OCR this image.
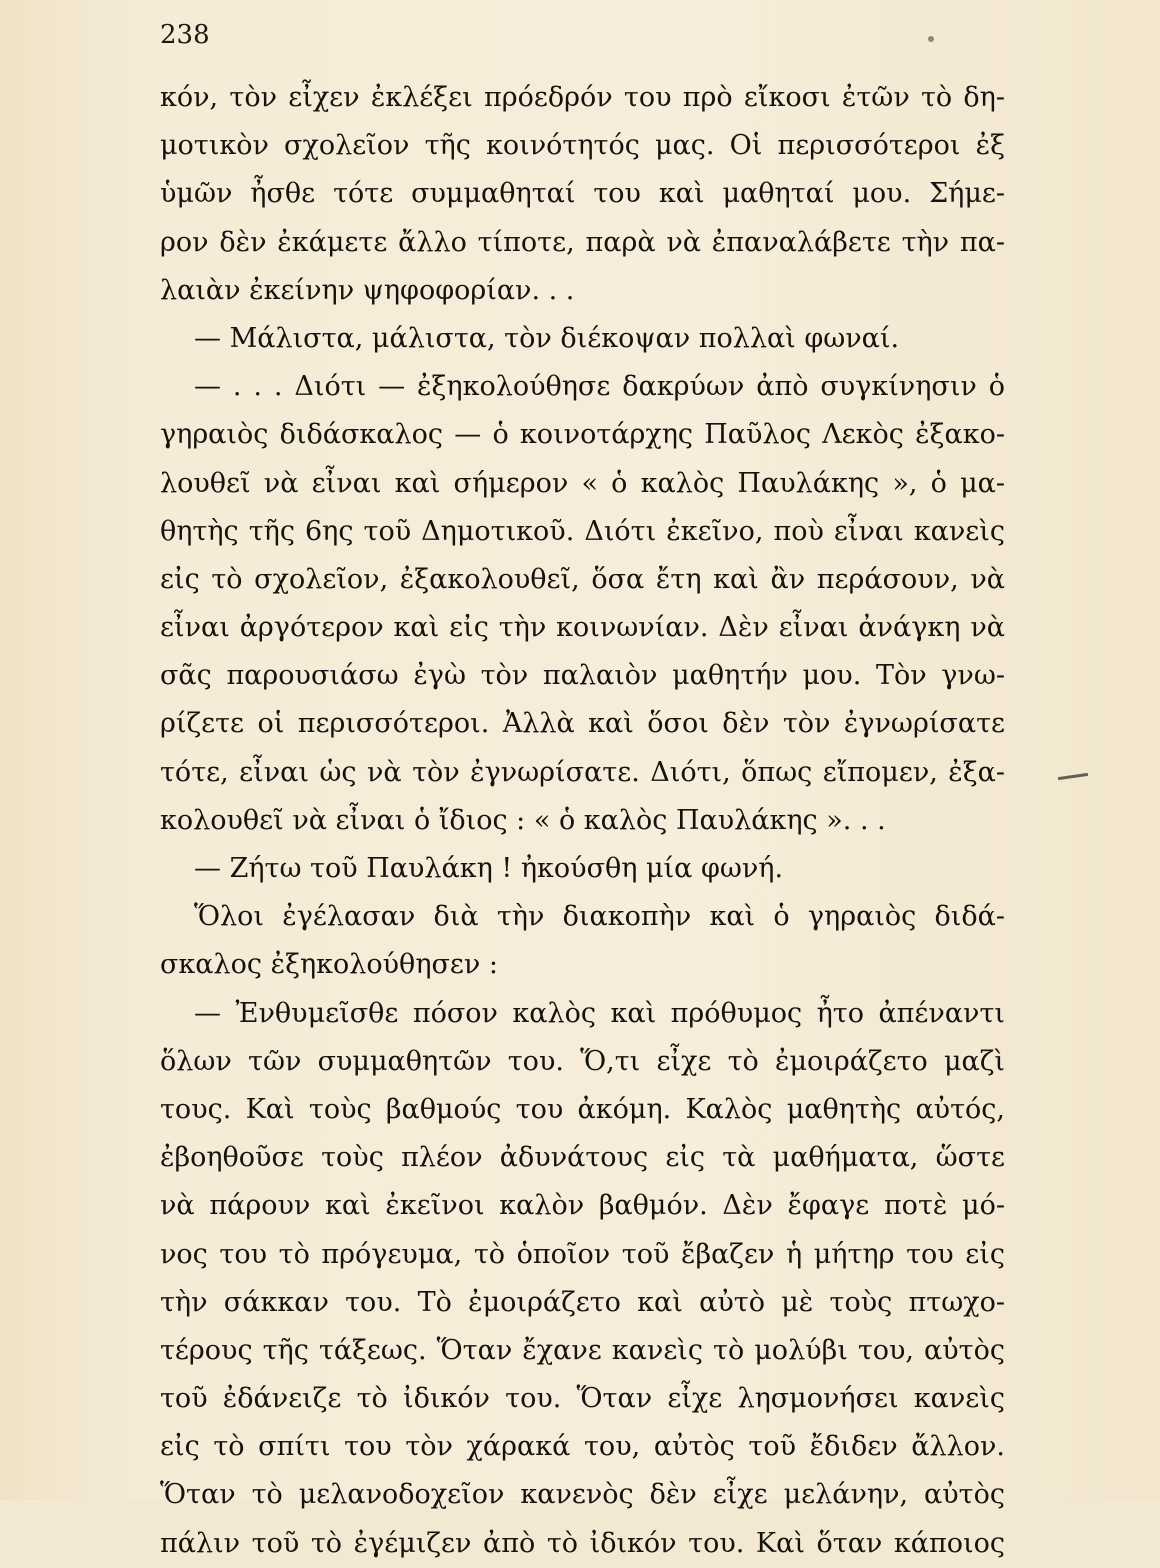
238
κόν, τὸν εἶχεν ἐκλέξει πρόεδρόν του πρὸ εἴκοσι ἐτῶν τὸ δη-
μοτικὸν σχολεῖον τῆς κοινότητός μας. Οἱ περισσότεροι ἐξ
ὑμῶν ἦσθε τότε συμμαθηταί του καὶ μαθηταί μου. Σήμε-
ρον δὲν ἐκάμετε ἄλλο τίποτε, παρὰ νὰ ἐπαναλάβετε τὴν πα-
λαιὰν ἐκείνην ψηφοφορίαν. . .
— Μάλιστα, μάλιστα, τὸν διέκοψαν πολλαὶ φωναί.
— . . . Διότι — ἐξηκολούθησε δακρύων ἀπὸ συγκίνησιν ὁ
γηραιὸς διδάσκαλος — ὁ κοινοτάρχης Παῦλος Λεκὸς ἐξακο-
λουθεῖ νὰ εἶναι καὶ σήμερον « ὁ καλὸς Παυλάκης », ὁ μα-
θητὴς τῆς 6ης τοῦ Δημοτικοῦ. Διότι ἐκεῖνο, ποὺ εἶναι κανεὶς
εἰς τὸ σχολεῖον, ἐξακολουθεῖ, ὅσα ἔτη καὶ ἂν περάσουν, νὰ
εἶναι ἀργότερον καὶ εἰς τὴν κοινωνίαν. Δὲν εἶναι ἀνάγκη νὰ
σᾶς παρουσιάσω ἐγὼ τὸν παλαιὸν μαθητήν μου. Τὸν γνω-
ρίζετε οἱ περισσότεροι. Ἀλλὰ καὶ ὅσοι δὲν τὸν ἐγνωρίσατε
τότε, εἶναι ὡς νὰ τὸν ἐγνωρίσατε. Διότι, ὅπως εἴπομεν, ἐξα-
κολουθεῖ νὰ εἶναι ὁ ἴδιος : « ὁ καλὸς Παυλάκης ». . .
— Ζήτω τοῦ Παυλάκη ! ἠκούσθη μία φωνή.
Ὅλοι ἐγέλασαν διὰ τὴν διακοπὴν καὶ ὁ γηραιὸς διδά-
σκαλος ἐξηκολούθησεν :
— Ἐνθυμεῖσθε πόσον καλὸς καὶ πρόθυμος ἦτο ἀπέναντι
ὅλων τῶν συμμαθητῶν του. Ὅ,τι εἶχε τὸ ἐμοιράζετο μαζὶ
τους. Καὶ τοὺς βαθμούς του ἀκόμη. Καλὸς μαθητὴς αὐτός,
ἐβοηθοῦσε τοὺς πλέον ἀδυνάτους εἰς τὰ μαθήματα, ὥστε
νὰ πάρουν καὶ ἐκεῖνοι καλὸν βαθμόν. Δὲν ἔφαγε ποτὲ μό-
νος του τὸ πρόγευμα, τὸ ὁποῖον τοῦ ἔβαζεν ἡ μήτηρ του εἰς
τὴν σάκκαν του. Τὸ ἐμοιράζετο καὶ αὐτὸ μὲ τοὺς πτωχο-
τέρους τῆς τάξεως. Ὅταν ἔχανε κανεὶς τὸ μολύβι του, αὐτὸς
τοῦ ἐδάνειζε τὸ ἰδικόν του. Ὅταν εἶχε λησμονήσει κανεὶς
εἰς τὸ σπίτι του τὸν χάρακά του, αὐτὸς τοῦ ἔδιδεν ἄλλον.
Ὅταν τὸ μελανοδοχεῖον κανενὸς δὲν εἶχε μελάνην, αὐτὸς
πάλιν τοῦ τὸ ἐγέμιζεν ἀπὸ τὸ ἰδικόν του. Καὶ ὅταν κάποιος
